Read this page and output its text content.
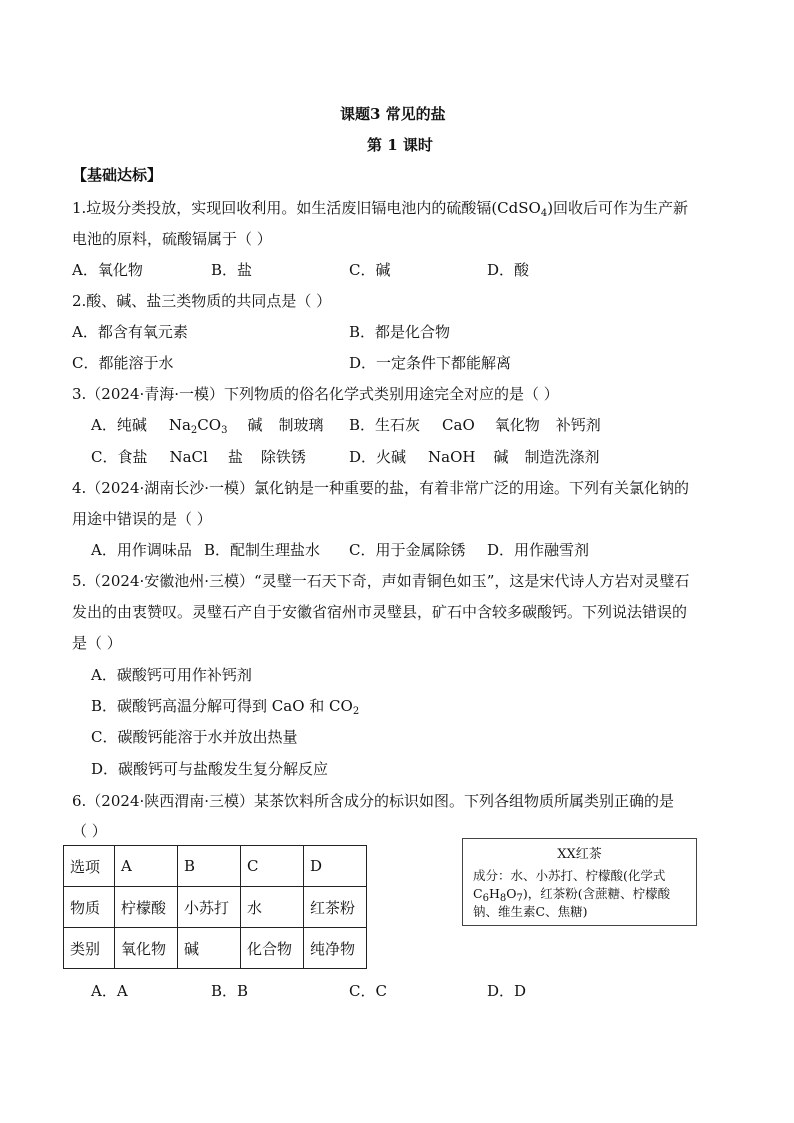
课题3 常见的盐
第 1 课时
【基础达标】
1.垃圾分类投放，实现回收利用。如生活废旧镉电池内的硫酸镉(CdSO$_4$)回收后可作为生产新
电池的原料，硫酸镉属于（ ）
A．氧化物	B．盐	C．碱	D．酸
2.酸、碱、盐三类物质的共同点是（ ）
A．都含有氧元素	B．都是化合物
C．都能溶于水	D．一定条件下都能解离
3.（2024·青海·一模）下列物质的俗名化学式类别用途完全对应的是（ ）
A．纯碱 $Na_2CO_3$ 碱 制玻璃 B．生石灰 CaO 氧化物 补钙剂
C．食盐 NaCl 盐 除铁锈	D．火碱 NaOH 碱 制造洗涤剂
4.（2024·湖南长沙·一模）氯化钠是一种重要的盐，有着非常广泛的用途。下列有关氯化钠的
用途中错误的是（ ）
A．用作调味品 B．配制生理盐水 C．用于金属除锈 D．用作融雪剂
5.（2024·安徽池州·三模）“灵璧一石天下奇，声如青铜色如玉”，这是宋代诗人方岩对灵璧石
发出的由衷赞叹。灵璧石产自于安徽省宿州市灵璧县，矿石中含较多碳酸钙。下列说法错误的
是（ ）
A．碳酸钙可用作补钙剂
B．碳酸钙高温分解可得到 CaO 和 $CO_2$
C．碳酸钙能溶于水并放出热量
D．碳酸钙可与盐酸发生复分解反应
6.（2024·陕西渭南·三模）某茶饮料所含成分的标识如图。下列各组物质所属类别正确的是
（ ）
选项	A	B	C	D
物质	柠檬酸	小苏打	水	红茶粉
类别	氧化物	碱	化合物	纯净物
XX红茶
成分：水、小苏打、柠檬酸(化学式
$C_6H_8O_7$)，红茶粉(含蔗糖、柠檬酸钠、维生素C、焦糖)
A．A	B．B	C．C	D．D
